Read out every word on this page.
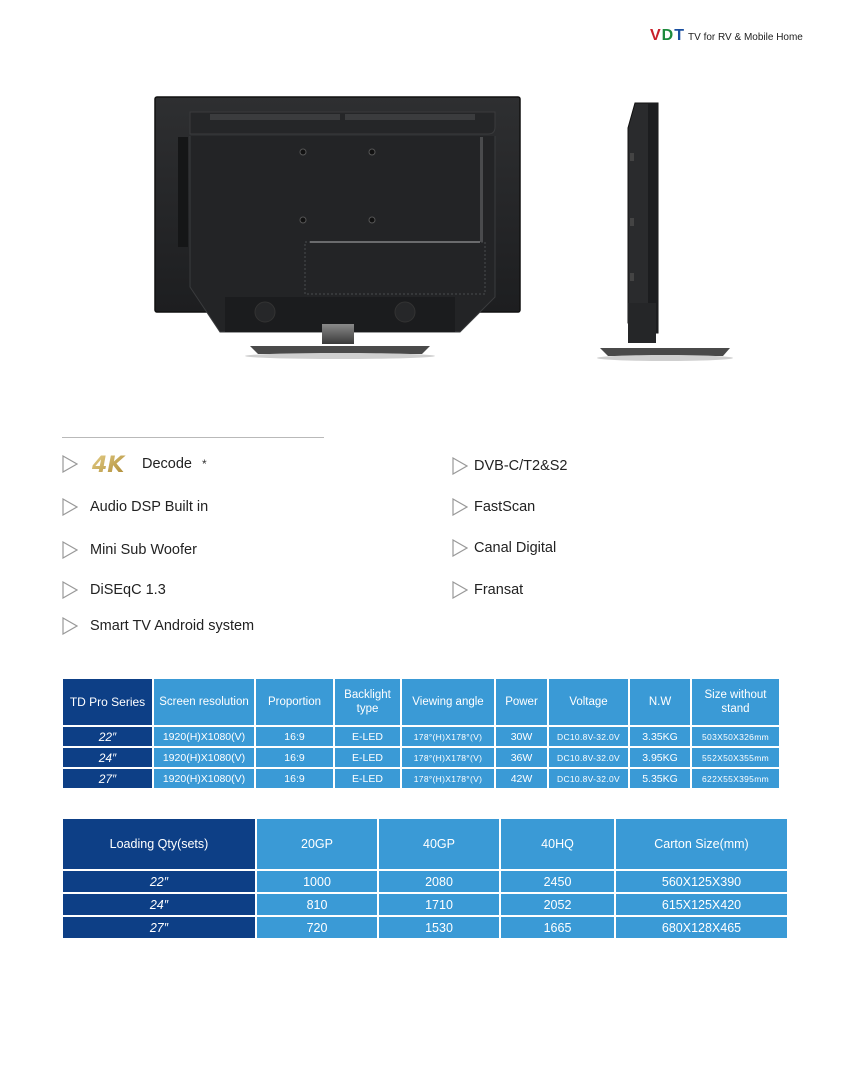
VDT TV for RV & Mobile Home
4K Decode *
Audio DSP Built in
Mini Sub Woofer
DiSEqC 1.3
Smart TV Android system
DVB-C/T2&S2
FastScan
Canal Digital
Fransat
TD Pro Series	Screen resolution	Proportion	Backlight type	Viewing angle	Power	Voltage	N.W	Size without stand
22″	1920(H)X1080(V)	16:9	E-LED	178°(H)X178°(V)	30W	DC10.8V-32.0V	3.35KG	503X50X326mm
24″	1920(H)X1080(V)	16:9	E-LED	178°(H)X178°(V)	36W	DC10.8V-32.0V	3.95KG	552X50X355mm
27″	1920(H)X1080(V)	16:9	E-LED	178°(H)X178°(V)	42W	DC10.8V-32.0V	5.35KG	622X55X395mm
Loading Qty(sets)	20GP	40GP	40HQ	Carton Size(mm)
22″	1000	2080	2450	560X125X390
24″	810	1710	2052	615X125X420
27″	720	1530	1665	680X128X465
